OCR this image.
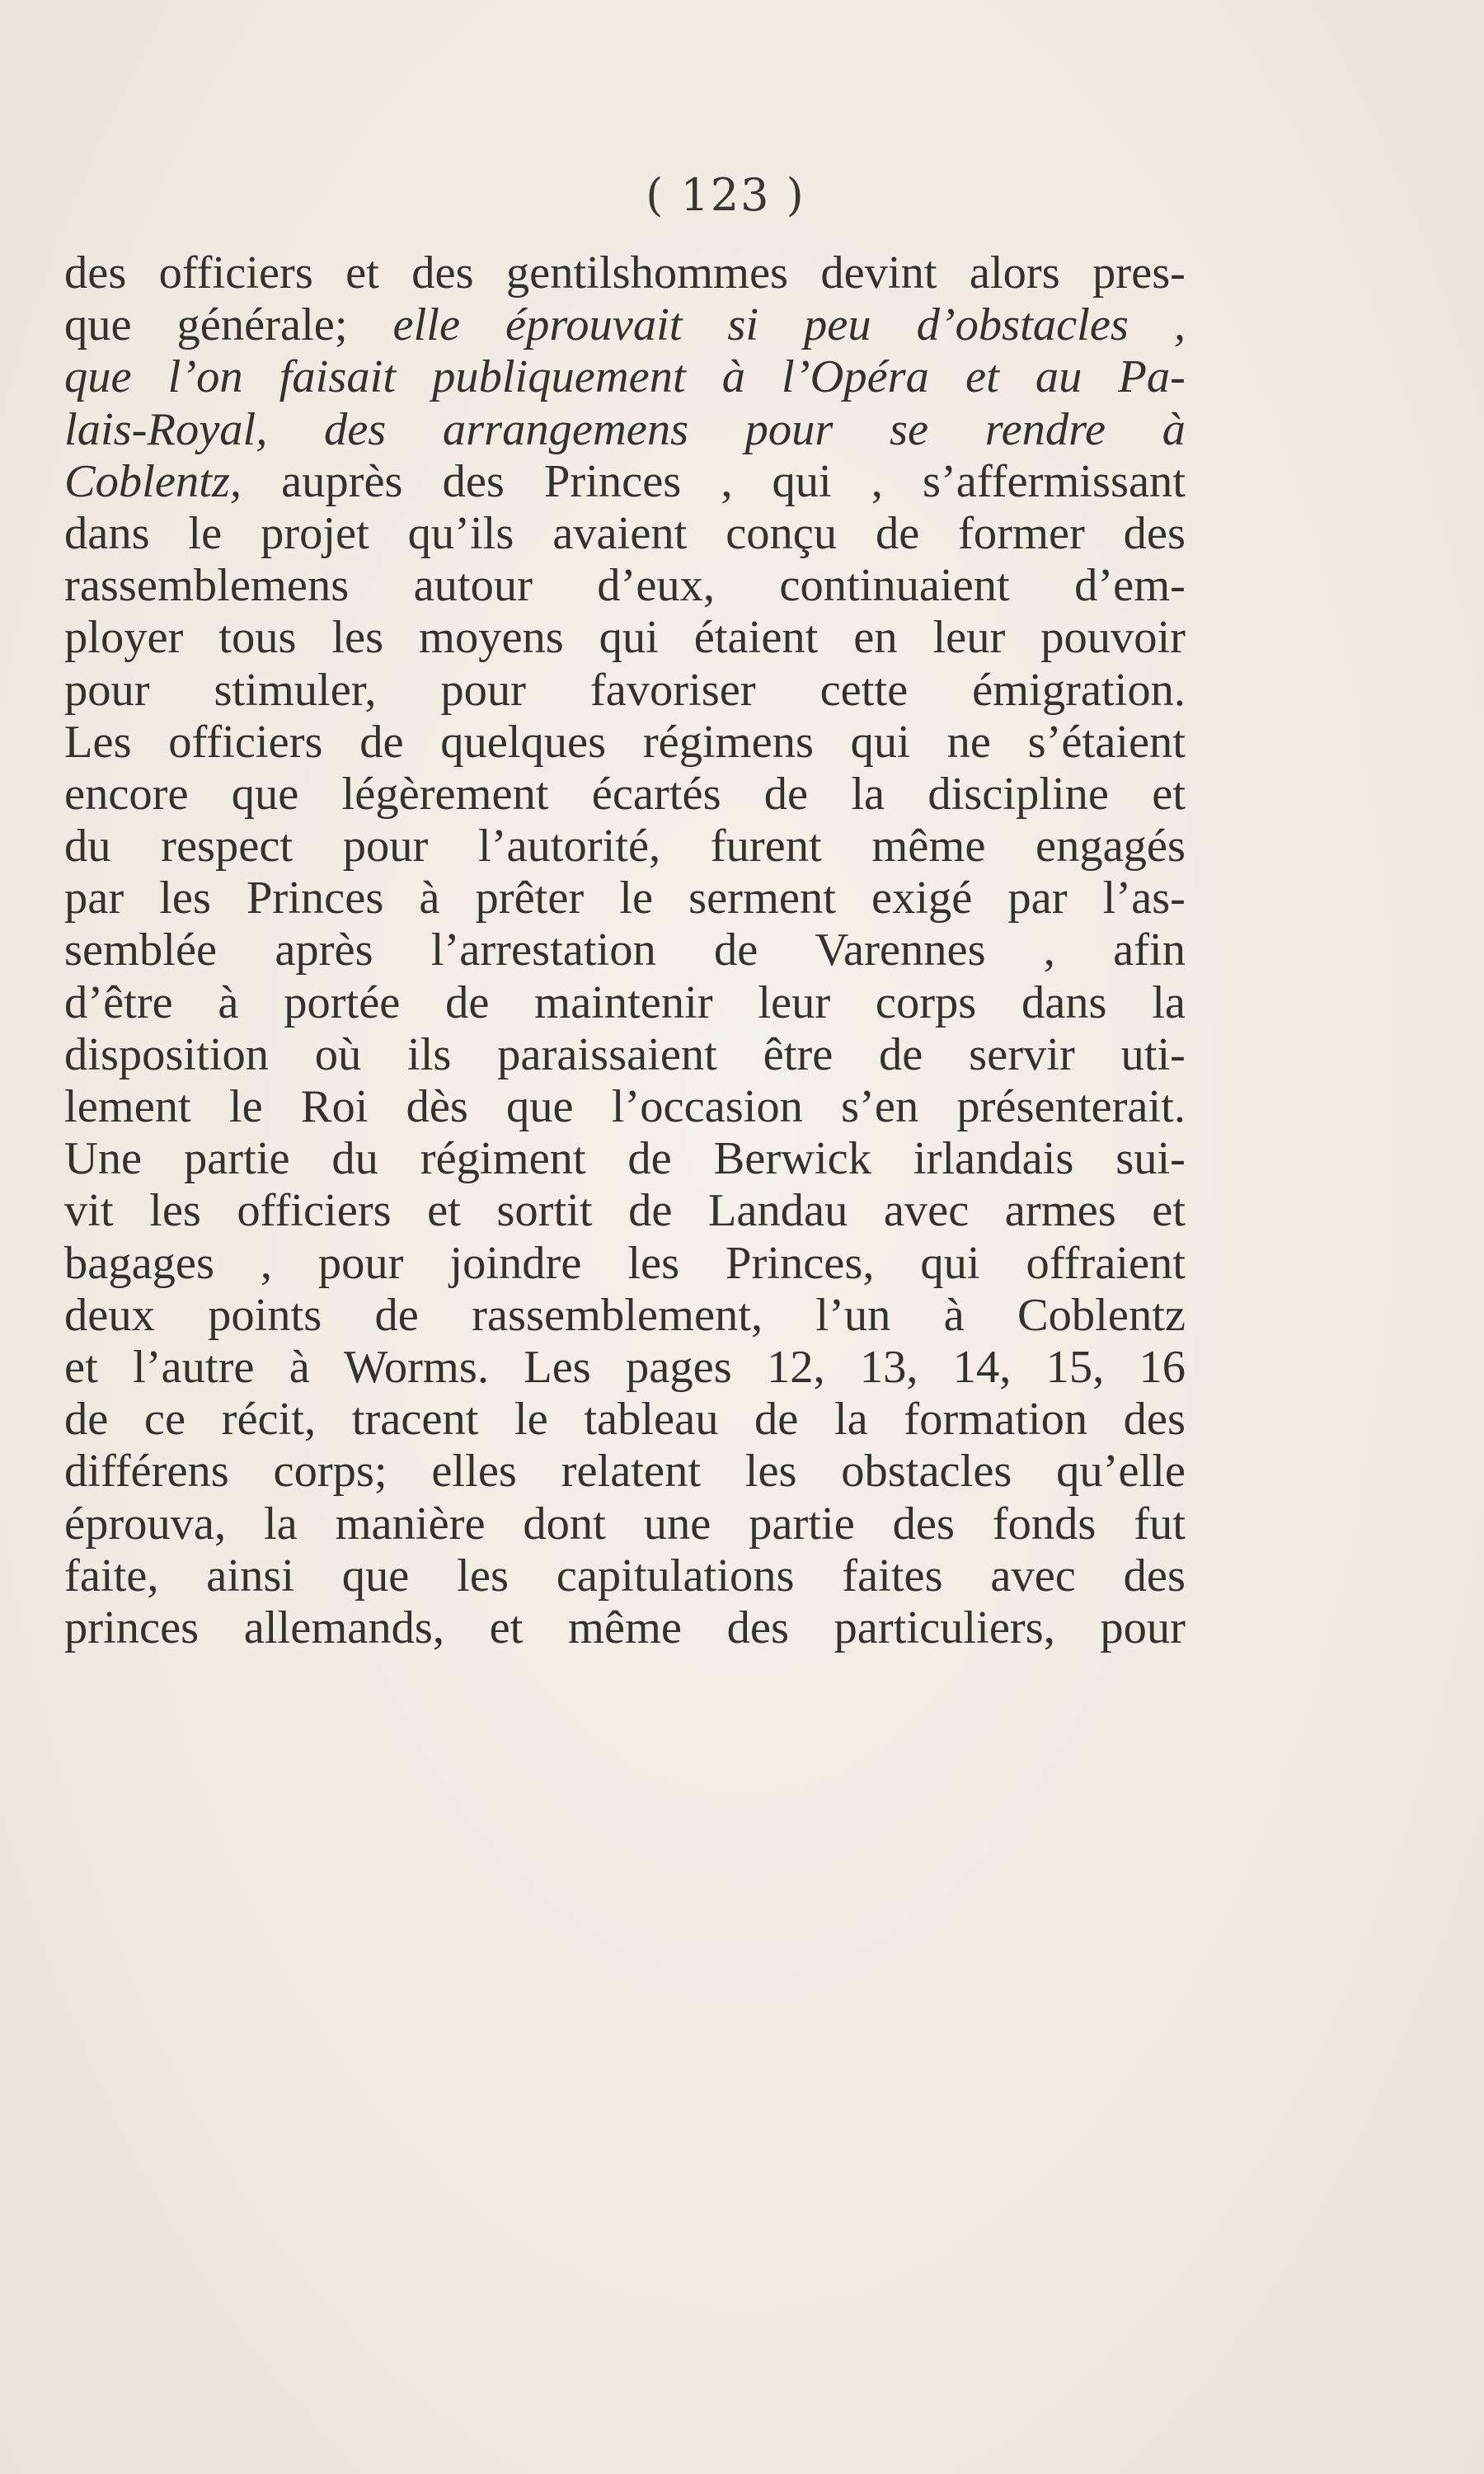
( 123 )
des officiers et des gentilshommes devint alors pres-
que générale; elle éprouvait si peu d’obstacles ,
que l’on faisait publiquement à l’Opéra et au Pa-
lais-Royal, des arrangemens pour se rendre à
Coblentz, auprès des Princes , qui , s’affermissant
dans le projet qu’ils avaient conçu de former des
rassemblemens autour d’eux, continuaient d’em-
ployer tous les moyens qui étaient en leur pouvoir
pour stimuler, pour favoriser cette émigration.
Les officiers de quelques régimens qui ne s’étaient
encore que légèrement écartés de la discipline et
du respect pour l’autorité, furent même engagés
par les Princes à prêter le serment exigé par l’as-
semblée après l’arrestation de Varennes , afin
d’être à portée de maintenir leur corps dans la
disposition où ils paraissaient être de servir uti-
lement le Roi dès que l’occasion s’en présenterait.
Une partie du régiment de Berwick irlandais sui-
vit les officiers et sortit de Landau avec armes et
bagages , pour joindre les Princes, qui offraient
deux points de rassemblement, l’un à Coblentz
et l’autre à Worms. Les pages 12, 13, 14, 15, 16
de ce récit, tracent le tableau de la formation des
différens corps; elles relatent les obstacles qu’elle
éprouva, la manière dont une partie des fonds fut
faite, ainsi que les capitulations faites avec des
princes allemands, et même des particuliers, pour
